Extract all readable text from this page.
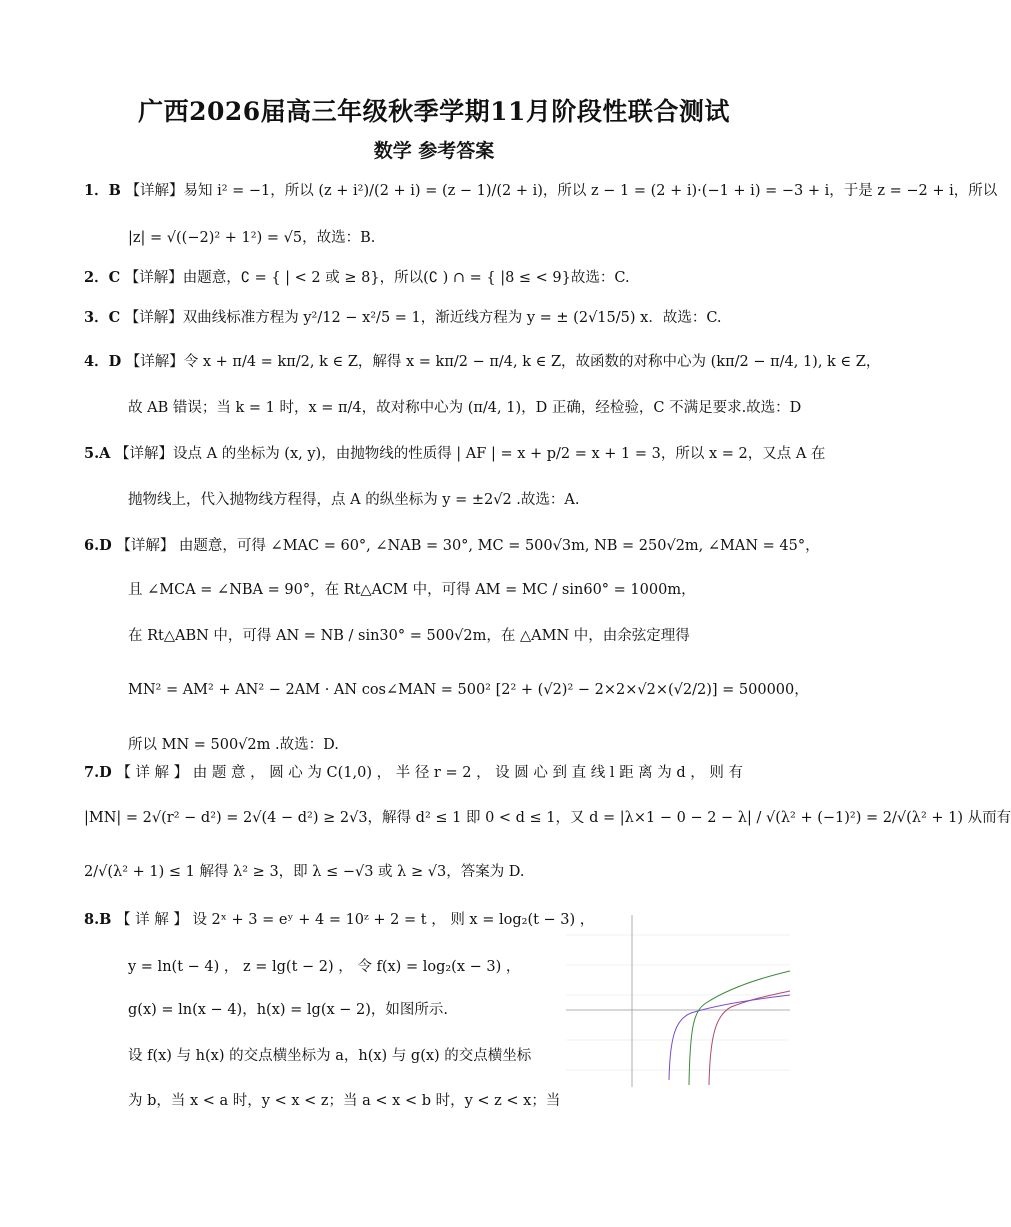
广西2026届高三年级秋季学期11月阶段性联合测试
数学 参考答案
1．B 【详解】易知 i² = −1，所以 (z + i²)/(2 + i) = (z − 1)/(2 + i)，所以 z − 1 = (2 + i)·(−1 + i) = −3 + i，于是 z = −2 + i，所以
|z| = √((−2)² + 1²) = √5，故选：B.
2．C 【详解】由题意，∁ = { | < 2 或 ≥ 8}，所以(∁ ) ∩ = { |8 ≤ < 9}故选：C.
3．C 【详解】双曲线标准方程为 y²/12 − x²/5 = 1，渐近线方程为 y = ± (2√15/5) x．故选：C.
4．D 【详解】令 x + π/4 = kπ/2, k ∈ Z，解得 x = kπ/2 − π/4, k ∈ Z，故函数的对称中心为 (kπ/2 − π/4, 1), k ∈ Z，
故 AB 错误；当 k = 1 时，x = π/4，故对称中心为 (π/4, 1)，D 正确，经检验，C 不满足要求.故选：D
5.A 【详解】设点 A 的坐标为 (x, y)，由抛物线的性质得 | AF | = x + p/2 = x + 1 = 3，所以 x = 2，又点 A 在
抛物线上，代入抛物线方程得，点 A 的纵坐标为 y = ±2√2 .故选：A.
6.D 【详解】 由题意，可得 ∠MAC = 60°, ∠NAB = 30°, MC = 500√3m, NB = 250√2m, ∠MAN = 45°，
且 ∠MCA = ∠NBA = 90°，在 Rt△ACM 中，可得 AM = MC / sin60° = 1000m，
在 Rt△ABN 中，可得 AN = NB / sin30° = 500√2m，在 △AMN 中，由余弦定理得
MN² = AM² + AN² − 2AM · AN cos∠MAN = 500² [2² + (√2)² − 2×2×√2×(√2/2)] = 500000，
所以 MN = 500√2m .故选：D.
7.D 【 详 解 】 由 题 意 ， 圆 心 为 C(1,0) ， 半 径 r = 2 ， 设 圆 心 到 直 线 l 距 离 为 d ， 则 有
|MN| = 2√(r² − d²) = 2√(4 − d²) ≥ 2√3，解得 d² ≤ 1 即 0 < d ≤ 1，又 d = |λ×1 − 0 − 2 − λ| / √(λ² + (−1)²) = 2/√(λ² + 1) 从而有
2/√(λ² + 1) ≤ 1 解得 λ² ≥ 3，即 λ ≤ −√3 或 λ ≥ √3，答案为 D.
8.B 【 详 解 】 设 2ˣ + 3 = eʸ + 4 = 10ᶻ + 2 = t ， 则 x = log₂(t − 3) ，
y = ln(t − 4) ， z = lg(t − 2) ， 令 f(x) = log₂(x − 3) ，
g(x) = ln(x − 4)，h(x) = lg(x − 2)，如图所示.
设 f(x) 与 h(x) 的交点横坐标为 a，h(x) 与 g(x) 的交点横坐标
为 b，当 x < a 时，y < x < z；当 a < x < b 时，y < z < x；当
